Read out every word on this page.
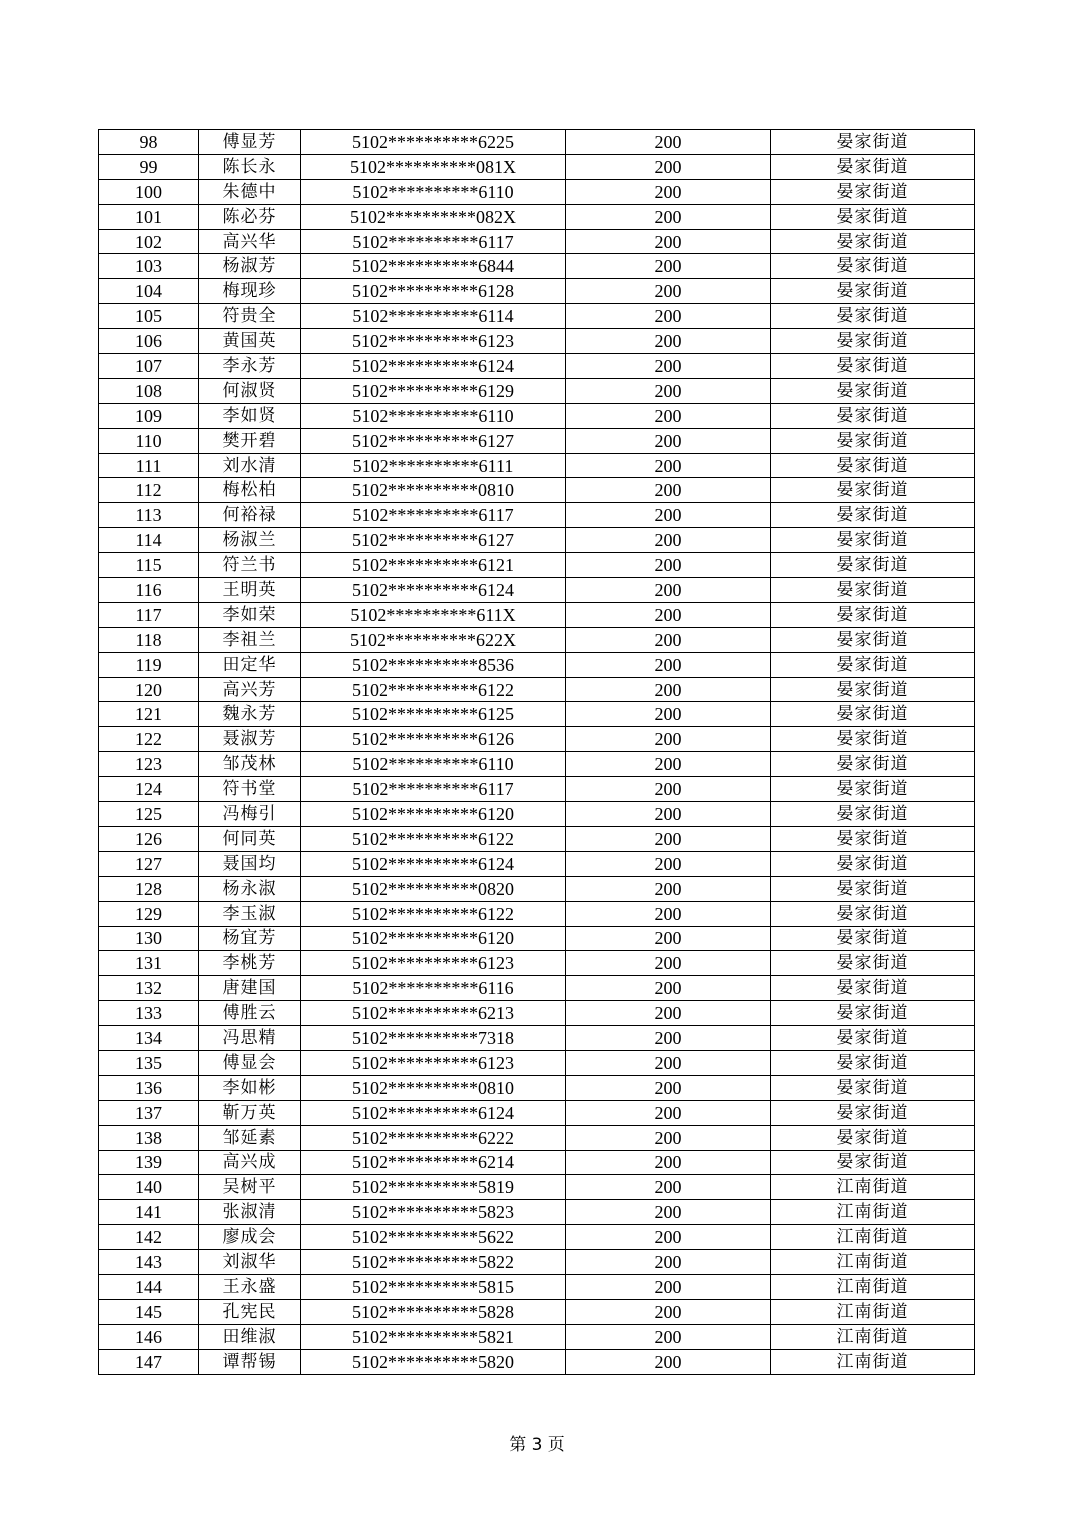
98	傅显芳	5102**********6225	200	晏家街道
99	陈长永	5102**********081X	200	晏家街道
100	朱德中	5102**********6110	200	晏家街道
101	陈必芬	5102**********082X	200	晏家街道
102	高兴华	5102**********6117	200	晏家街道
103	杨淑芳	5102**********6844	200	晏家街道
104	梅现珍	5102**********6128	200	晏家街道
105	符贵全	5102**********6114	200	晏家街道
106	黄国英	5102**********6123	200	晏家街道
107	李永芳	5102**********6124	200	晏家街道
108	何淑贤	5102**********6129	200	晏家街道
109	李如贤	5102**********6110	200	晏家街道
110	樊开碧	5102**********6127	200	晏家街道
111	刘水清	5102**********6111	200	晏家街道
112	梅松柏	5102**********0810	200	晏家街道
113	何裕禄	5102**********6117	200	晏家街道
114	杨淑兰	5102**********6127	200	晏家街道
115	符兰书	5102**********6121	200	晏家街道
116	王明英	5102**********6124	200	晏家街道
117	李如荣	5102**********611X	200	晏家街道
118	李祖兰	5102**********622X	200	晏家街道
119	田定华	5102**********8536	200	晏家街道
120	高兴芳	5102**********6122	200	晏家街道
121	魏永芳	5102**********6125	200	晏家街道
122	聂淑芳	5102**********6126	200	晏家街道
123	邹茂林	5102**********6110	200	晏家街道
124	符书堂	5102**********6117	200	晏家街道
125	冯梅引	5102**********6120	200	晏家街道
126	何同英	5102**********6122	200	晏家街道
127	聂国均	5102**********6124	200	晏家街道
128	杨永淑	5102**********0820	200	晏家街道
129	李玉淑	5102**********6122	200	晏家街道
130	杨宜芳	5102**********6120	200	晏家街道
131	李桃芳	5102**********6123	200	晏家街道
132	唐建国	5102**********6116	200	晏家街道
133	傅胜云	5102**********6213	200	晏家街道
134	冯思精	5102**********7318	200	晏家街道
135	傅显会	5102**********6123	200	晏家街道
136	李如彬	5102**********0810	200	晏家街道
137	靳万英	5102**********6124	200	晏家街道
138	邹延素	5102**********6222	200	晏家街道
139	高兴成	5102**********6214	200	晏家街道
140	吴树平	5102**********5819	200	江南街道
141	张淑清	5102**********5823	200	江南街道
142	廖成会	5102**********5622	200	江南街道
143	刘淑华	5102**********5822	200	江南街道
144	王永盛	5102**********5815	200	江南街道
145	孔宪民	5102**********5828	200	江南街道
146	田维淑	5102**********5821	200	江南街道
147	谭帮锡	5102**********5820	200	江南街道
第 3 页
